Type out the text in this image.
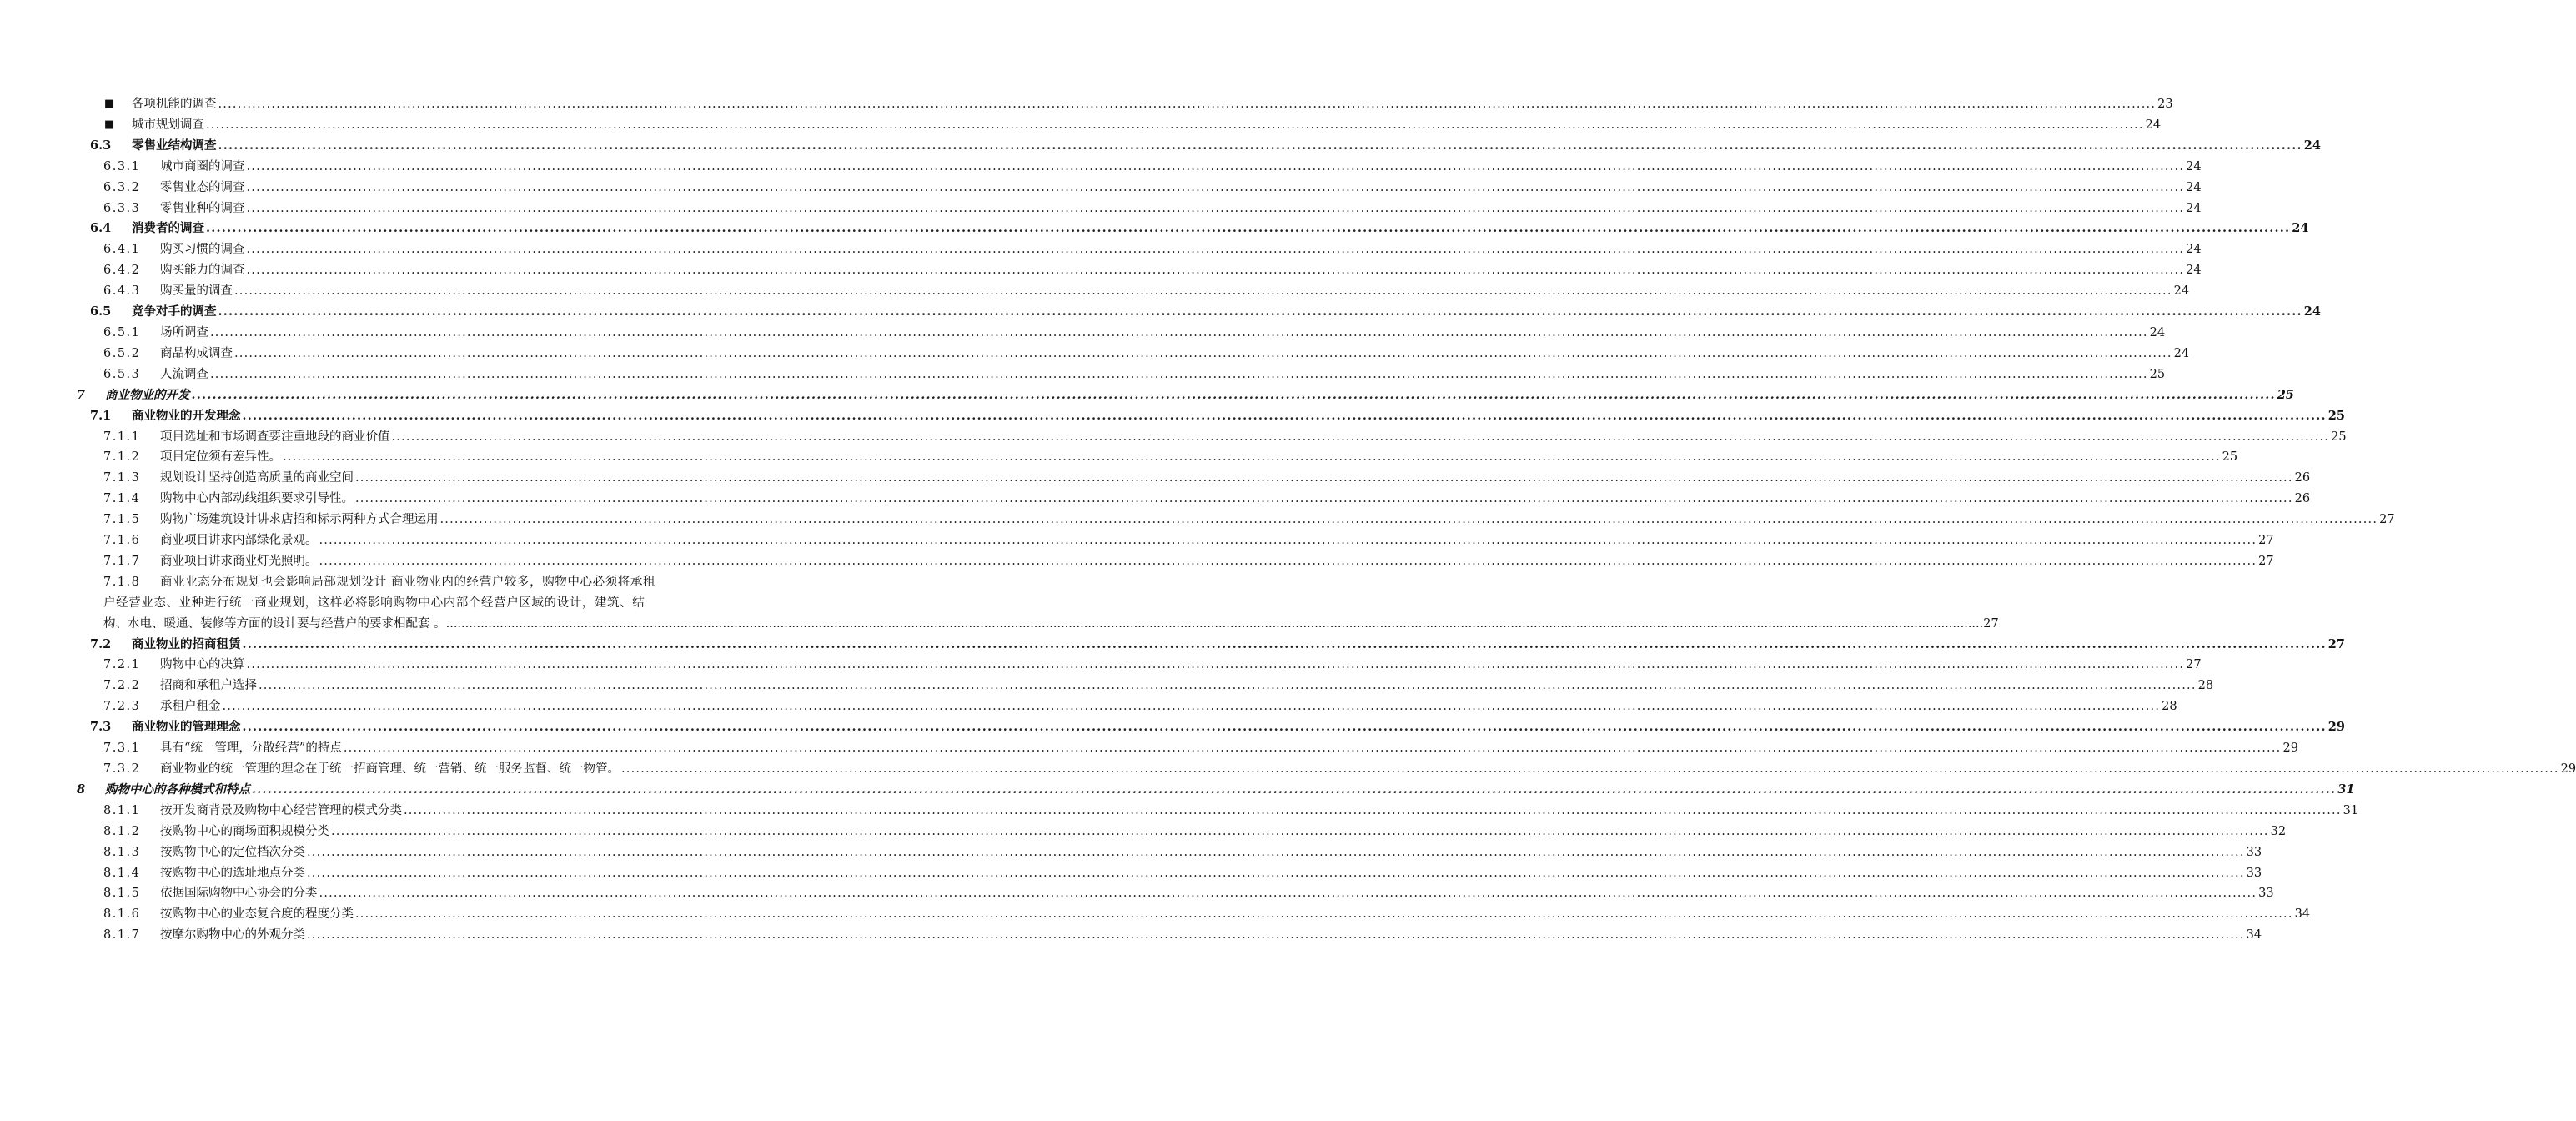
■ 各项机能的调查 ................................................................................................................................................................................................................................................................................................................................................................................................................ 23
■ 城市规划调查 ................................................................................................................................................................................................................................................................................................................................................................................................................ 24
6.3 零售业结构调查 ................................................................................................................................................................................................................................................................................................................................................................................................................ 24
6.3.1 城市商圈的调查 ................................................................................................................................................................................................................................................................................................................................................................................................................ 24
6.3.2 零售业态的调查 ................................................................................................................................................................................................................................................................................................................................................................................................................ 24
6.3.3 零售业种的调查 ................................................................................................................................................................................................................................................................................................................................................................................................................ 24
6.4 消费者的调查 ................................................................................................................................................................................................................................................................................................................................................................................................................ 24
6.4.1 购买习惯的调查 ................................................................................................................................................................................................................................................................................................................................................................................................................ 24
6.4.2 购买能力的调查 ................................................................................................................................................................................................................................................................................................................................................................................................................ 24
6.4.3 购买量的调查 ................................................................................................................................................................................................................................................................................................................................................................................................................ 24
6.5 竞争对手的调查 ................................................................................................................................................................................................................................................................................................................................................................................................................ 24
6.5.1 场所调查 ................................................................................................................................................................................................................................................................................................................................................................................................................ 24
6.5.2 商品构成调查 ................................................................................................................................................................................................................................................................................................................................................................................................................ 24
6.5.3 人流调查 ................................................................................................................................................................................................................................................................................................................................................................................................................ 25
7 商业物业的开发 ................................................................................................................................................................................................................................................................................................................................................................................................................ 25
7.1 商业物业的开发理念 ................................................................................................................................................................................................................................................................................................................................................................................................................ 25
7.1.1 项目选址和市场调查要注重地段的商业价值 ................................................................................................................................................................................................................................................................................................................................................................................................................ 25
7.1.2 项目定位须有差异性。 ................................................................................................................................................................................................................................................................................................................................................................................................................ 25
7.1.3 规划设计坚持创造高质量的商业空间 ................................................................................................................................................................................................................................................................................................................................................................................................................ 26
7.1.4 购物中心内部动线组织要求引导性。 ................................................................................................................................................................................................................................................................................................................................................................................................................ 26
7.1.5 购物广场建筑设计讲求店招和标示两种方式合理运用 ................................................................................................................................................................................................................................................................................................................................................................................................................ 27
7.1.6 商业项目讲求内部绿化景观。 ................................................................................................................................................................................................................................................................................................................................................................................................................ 27
7.1.7 商业项目讲求商业灯光照明。 ................................................................................................................................................................................................................................................................................................................................................................................................................ 27
7.1.8 商业业态分布规划也会影响局部规划设计 商业物业内的经营户较多，购物中心必须将承租
户经营业态、业种进行统一商业规划，这样必将影响购物中心内部个经营户区域的设计，建筑、结
构、水电、暖通、装修等方面的设计要与经营户的要求相配套 。 ................................................................................................................................................................................................................................................................................................................................................................................................................ 27
7.2 商业物业的招商租赁 ................................................................................................................................................................................................................................................................................................................................................................................................................ 27
7.2.1 购物中心的决算 ................................................................................................................................................................................................................................................................................................................................................................................................................ 27
7.2.2 招商和承租户选择 ................................................................................................................................................................................................................................................................................................................................................................................................................ 28
7.2.3 承租户租金 ................................................................................................................................................................................................................................................................................................................................................................................................................ 28
7.3 商业物业的管理理念 ................................................................................................................................................................................................................................................................................................................................................................................................................ 29
7.3.1 具有“统一管理，分散经营”的特点 ................................................................................................................................................................................................................................................................................................................................................................................................................ 29
7.3.2 商业物业的统一管理的理念在于统一招商管理、统一营销、统一服务监督、统一物管。 ................................................................................................................................................................................................................................................................................................................................................................................................................ 29
8 购物中心的各种模式和特点 ................................................................................................................................................................................................................................................................................................................................................................................................................ 31
8.1.1 按开发商背景及购物中心经营管理的模式分类 ................................................................................................................................................................................................................................................................................................................................................................................................................ 31
8.1.2 按购物中心的商场面积规模分类 ................................................................................................................................................................................................................................................................................................................................................................................................................ 32
8.1.3 按购物中心的定位档次分类 ................................................................................................................................................................................................................................................................................................................................................................................................................ 33
8.1.4 按购物中心的选址地点分类 ................................................................................................................................................................................................................................................................................................................................................................................................................ 33
8.1.5 依据国际购物中心协会的分类 ................................................................................................................................................................................................................................................................................................................................................................................................................ 33
8.1.6 按购物中心的业态复合度的程度分类 ................................................................................................................................................................................................................................................................................................................................................................................................................ 34
8.1.7 按摩尔购物中心的外观分类 ................................................................................................................................................................................................................................................................................................................................................................................................................ 34
